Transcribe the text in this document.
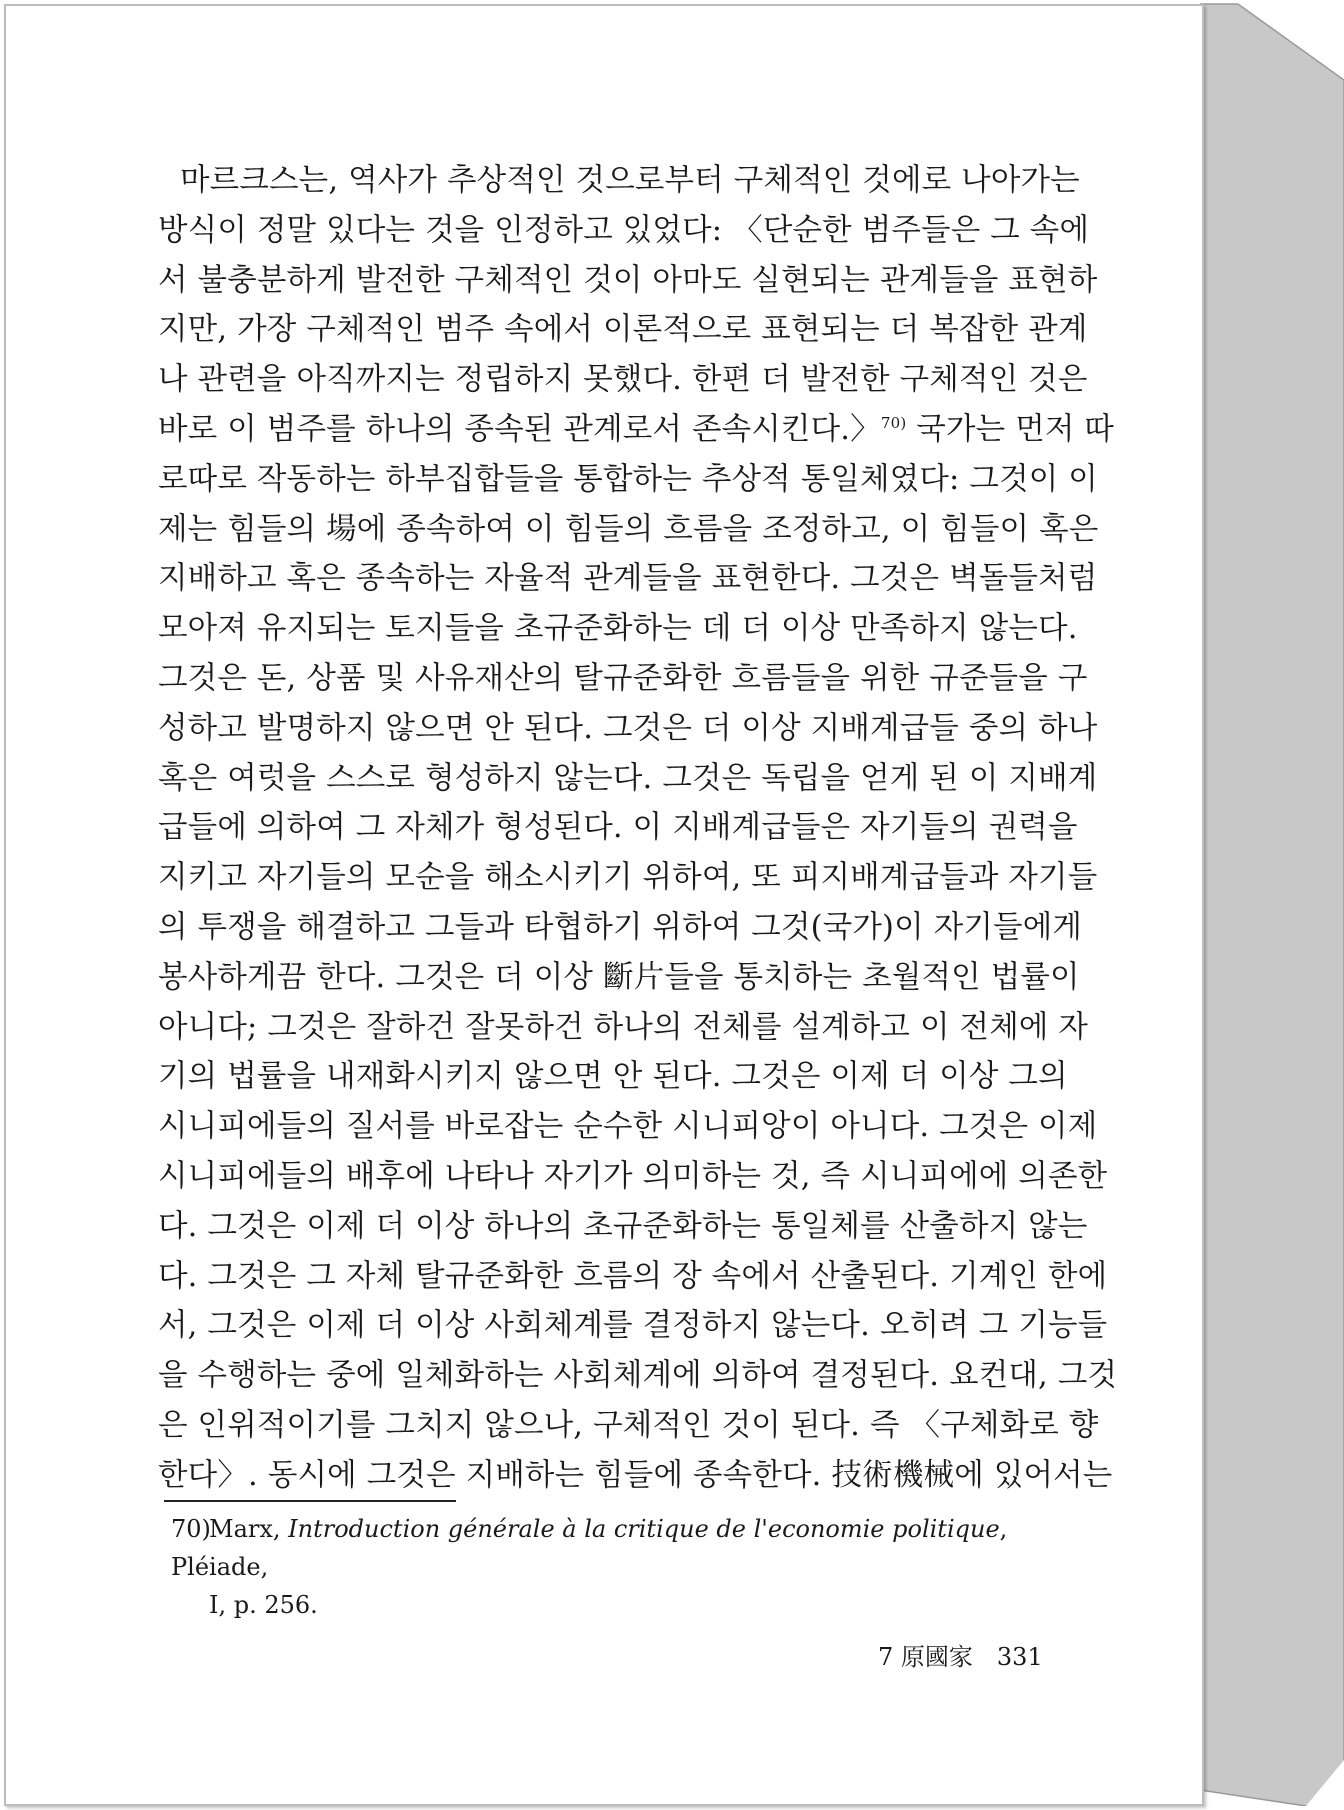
마르크스는, 역사가 추상적인 것으로부터 구체적인 것에로 나아가는
방식이 정말 있다는 것을 인정하고 있었다: 〈단순한 범주들은 그 속에
서 불충분하게 발전한 구체적인 것이 아마도 실현되는 관계들을 표현하
지만, 가장 구체적인 범주 속에서 이론적으로 표현되는 더 복잡한 관계
나 관련을 아직까지는 정립하지 못했다. 한편 더 발전한 구체적인 것은
바로 이 범주를 하나의 종속된 관계로서 존속시킨다.〉$^{70)}$ 국가는 먼저 따
로따로 작동하는 하부집합들을 통합하는 추상적 통일체였다: 그것이 이
제는 힘들의 場에 종속하여 이 힘들의 흐름을 조정하고, 이 힘들이 혹은
지배하고 혹은 종속하는 자율적 관계들을 표현한다. 그것은 벽돌들처럼
모아져 유지되는 토지들을 초규준화하는 데 더 이상 만족하지 않는다.
그것은 돈, 상품 및 사유재산의 탈규준화한 흐름들을 위한 규준들을 구
성하고 발명하지 않으면 안 된다. 그것은 더 이상 지배계급들 중의 하나
혹은 여럿을 스스로 형성하지 않는다. 그것은 독립을 얻게 된 이 지배계
급들에 의하여 그 자체가 형성된다. 이 지배계급들은 자기들의 권력을
지키고 자기들의 모순을 해소시키기 위하여, 또 피지배계급들과 자기들
의 투쟁을 해결하고 그들과 타협하기 위하여 그것(국가)이 자기들에게
봉사하게끔 한다. 그것은 더 이상 斷片들을 통치하는 초월적인 법률이
아니다; 그것은 잘하건 잘못하건 하나의 전체를 설계하고 이 전체에 자
기의 법률을 내재화시키지 않으면 안 된다. 그것은 이제 더 이상 그의
시니피에들의 질서를 바로잡는 순수한 시니피앙이 아니다. 그것은 이제
시니피에들의 배후에 나타나 자기가 의미하는 것, 즉 시니피에에 의존한
다. 그것은 이제 더 이상 하나의 초규준화하는 통일체를 산출하지 않는
다. 그것은 그 자체 탈규준화한 흐름의 장 속에서 산출된다. 기계인 한에
서, 그것은 이제 더 이상 사회체계를 결정하지 않는다. 오히려 그 기능들
을 수행하는 중에 일체화하는 사회체계에 의하여 결정된다. 요컨대, 그것
은 인위적이기를 그치지 않으나, 구체적인 것이 된다. 즉 〈구체화로 향
한다〉. 동시에 그것은 지배하는 힘들에 종속한다. 技術機械에 있어서는
70)Marx, Introduction générale à la critique de l'economie politique, Pléiade,
I, p. 256.
7 原國家 331
